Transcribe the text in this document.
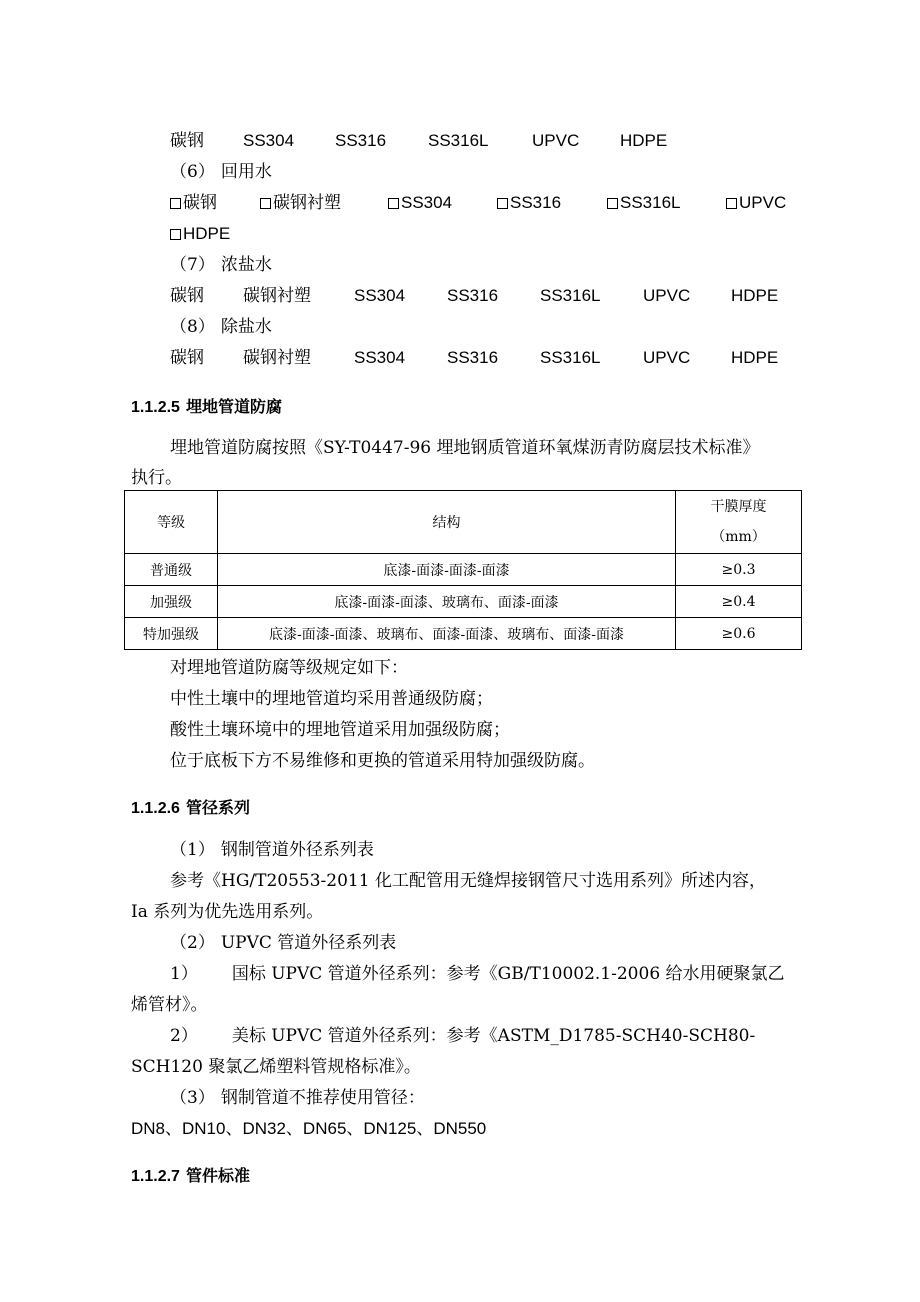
碳钢 SS304 SS316 SS316L	UPVC HDPE
（6） 回用水
碳钢	碳钢衬塑	SS304	SS316	SS316L	UPVC
HDPE
（7） 浓盐水
碳钢 碳钢衬塑	SS304 SS316 SS316L	UPVC HDPE
（8） 除盐水
碳钢 碳钢衬塑	SS304 SS316 SS316L	UPVC HDPE
1.1.2.5 埋地管道防腐
埋地管道防腐按照《SY-T0447-96 埋地钢质管道环氧煤沥青防腐层技术标准》
执行。
等级	结构	干膜厚度
（mm）

普通级	底漆-面漆-面漆-面漆	≥0.3
加强级	底漆-面漆-面漆、玻璃布、面漆-面漆	≥0.4
特加强级	底漆-面漆-面漆、玻璃布、面漆-面漆、玻璃布、面漆-面漆	≥0.6
对埋地管道防腐等级规定如下：
中性土壤中的埋地管道均采用普通级防腐；
酸性土壤环境中的埋地管道采用加强级防腐；
位于底板下方不易维修和更换的管道采用特加强级防腐。
1.1.2.6 管径系列
（1） 钢制管道外径系列表
参考《HG/T20553-2011 化工配管用无缝焊接钢管尺寸选用系列》所述内容，
Ⅰa 系列为优先选用系列。
（2） UPVC 管道外径系列表
1） 国标 UPVC 管道外径系列：参考《GB/T10002.1-2006 给水用硬聚氯乙
烯管材》。
2） 美标 UPVC 管道外径系列：参考《ASTM_D1785-SCH40-SCH80-
SCH120 聚氯乙烯塑料管规格标准》。
（3） 钢制管道不推荐使用管径：
DN8、DN10、DN32、DN65、DN125、DN550
1.1.2.7 管件标准
